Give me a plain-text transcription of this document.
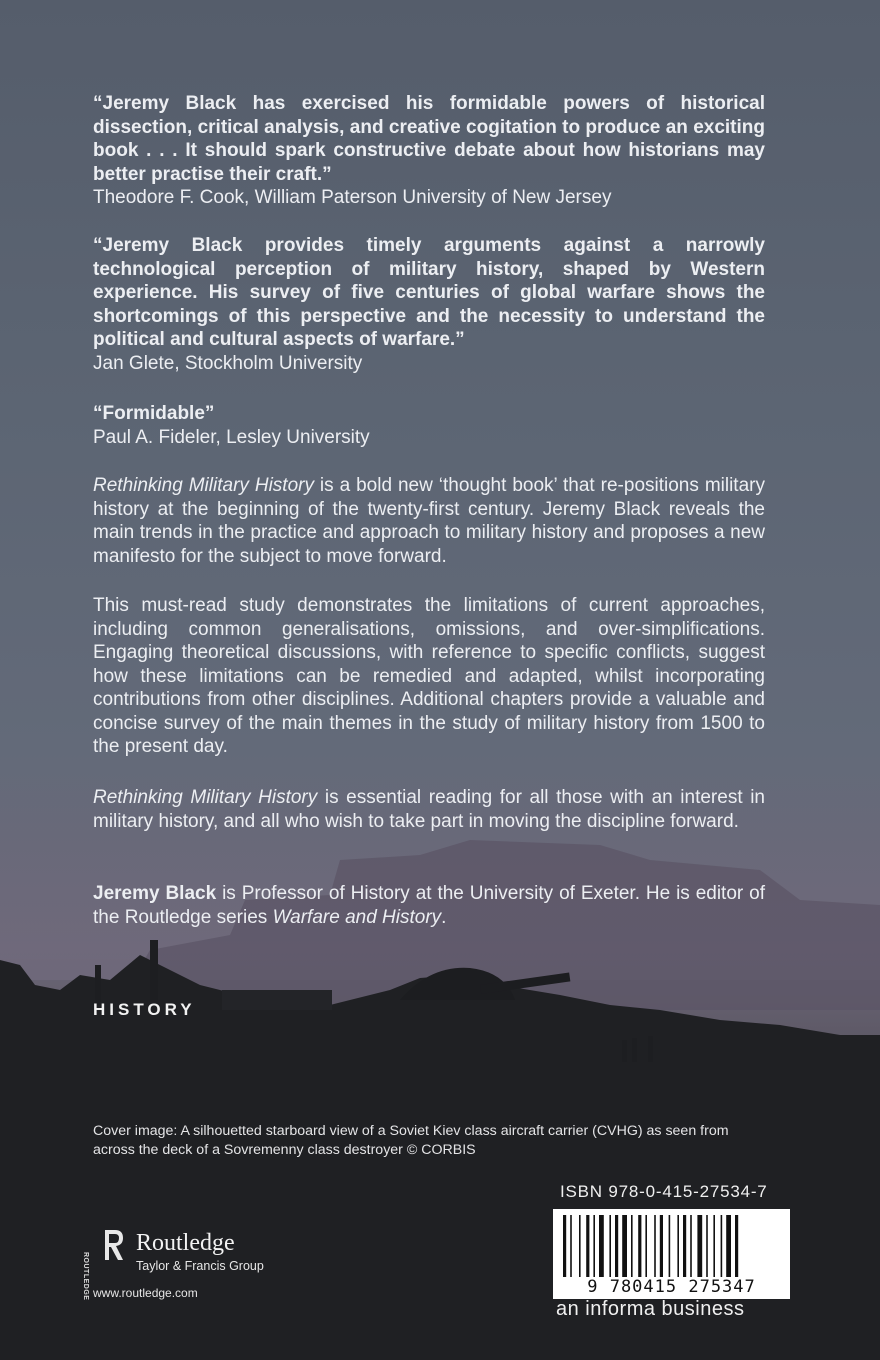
“Jeremy Black has exercised his formidable powers of historical dissection, critical analysis, and creative cogitation to produce an exciting book . . . It should spark constructive debate about how historians may better practise their craft.”
Theodore F. Cook, William Paterson University of New Jersey
“Jeremy Black provides timely arguments against a narrowly technological perception of military history, shaped by Western experience. His survey of five centuries of global warfare shows the shortcomings of this perspective and the necessity to understand the political and cultural aspects of warfare.”
Jan Glete, Stockholm University
“Formidable”
Paul A. Fideler, Lesley University
Rethinking Military History is a bold new ‘thought book’ that re-positions military history at the beginning of the twenty-first century. Jeremy Black reveals the main trends in the practice and approach to military history and proposes a new manifesto for the subject to move forward.
This must-read study demonstrates the limitations of current approaches, including common generalisations, omissions, and over-simplifications. Engaging theoretical discussions, with reference to specific conflicts, suggest how these limitations can be remedied and adapted, whilst incorporating contributions from other disciplines. Additional chapters provide a valuable and concise survey of the main themes in the study of military history from 1500 to the present day.
Rethinking Military History is essential reading for all those with an interest in military history, and all who wish to take part in moving the discipline forward.
Jeremy Black is Professor of History at the University of Exeter. He is editor of the Routledge series Warfare and History.
HISTORY
Cover image: A silhouetted starboard view of a Soviet Kiev class aircraft carrier (CVHG) as seen from across the deck of a Sovremenny class destroyer © CORBIS
ISBN 978-0-415-27534-7
9 780415 275347
an informa business
ROUTLEDGE
Routledge
Taylor & Francis Group
www.routledge.com
